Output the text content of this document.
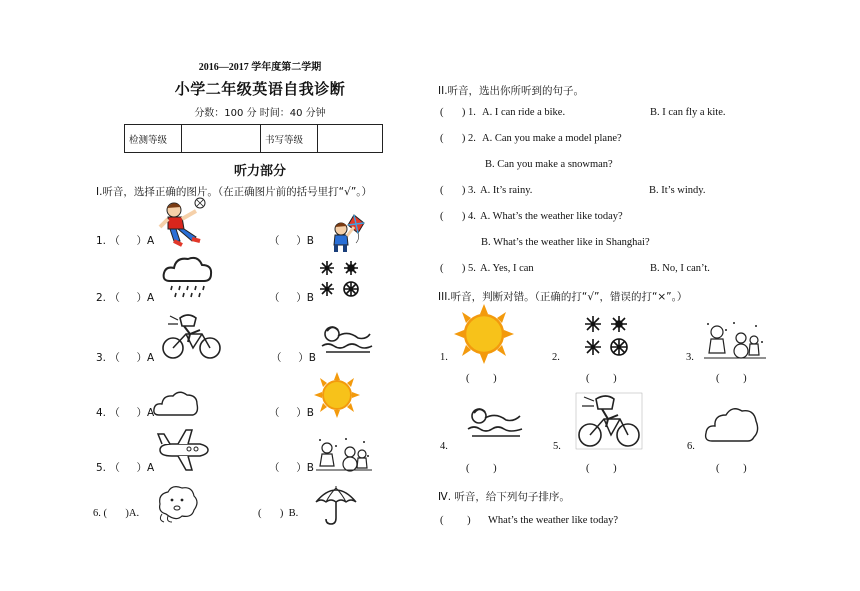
2016—2017 学年度第二学期
小学二年级英语自我诊断
分数：100 分 时间：40 分钟
检测等级		书写等级	
听力部分
I.听音，选择正确的图片。（在正确图片前的括号里打“√”。）
1. （     ）A	（     ）B
2. （     ）A	（     ）B
3. （     ）A	（     ）B
4. （     ）A	（     ）B
5. （     ）A	（     ）B
6. (       )A.	(       )  B.
II.听音，选出你所听到的句子。
(       ) 1. A. I can ride a bike.	B. I can fly a kite.
(       ) 2. A. Can you make a model plane?
B. Can you make a snowman?
(       ) 3. A. It’s rainy.	B. It’s windy.
(       ) 4. A. What’s the weather like today?
B. What’s the weather like in Shanghai?
(       ) 5. A. Yes, I can	B. No, I can’t.
III.听音，判断对错。（正确的打“√”，错误的打“×”。）
1.	2.	3.
(         )	(         )	(         )
4.	5.	6.
(         )	(         )	(         )
Ⅳ. 听音，给下列句子排序。
(         ) What’s the weather like today?
